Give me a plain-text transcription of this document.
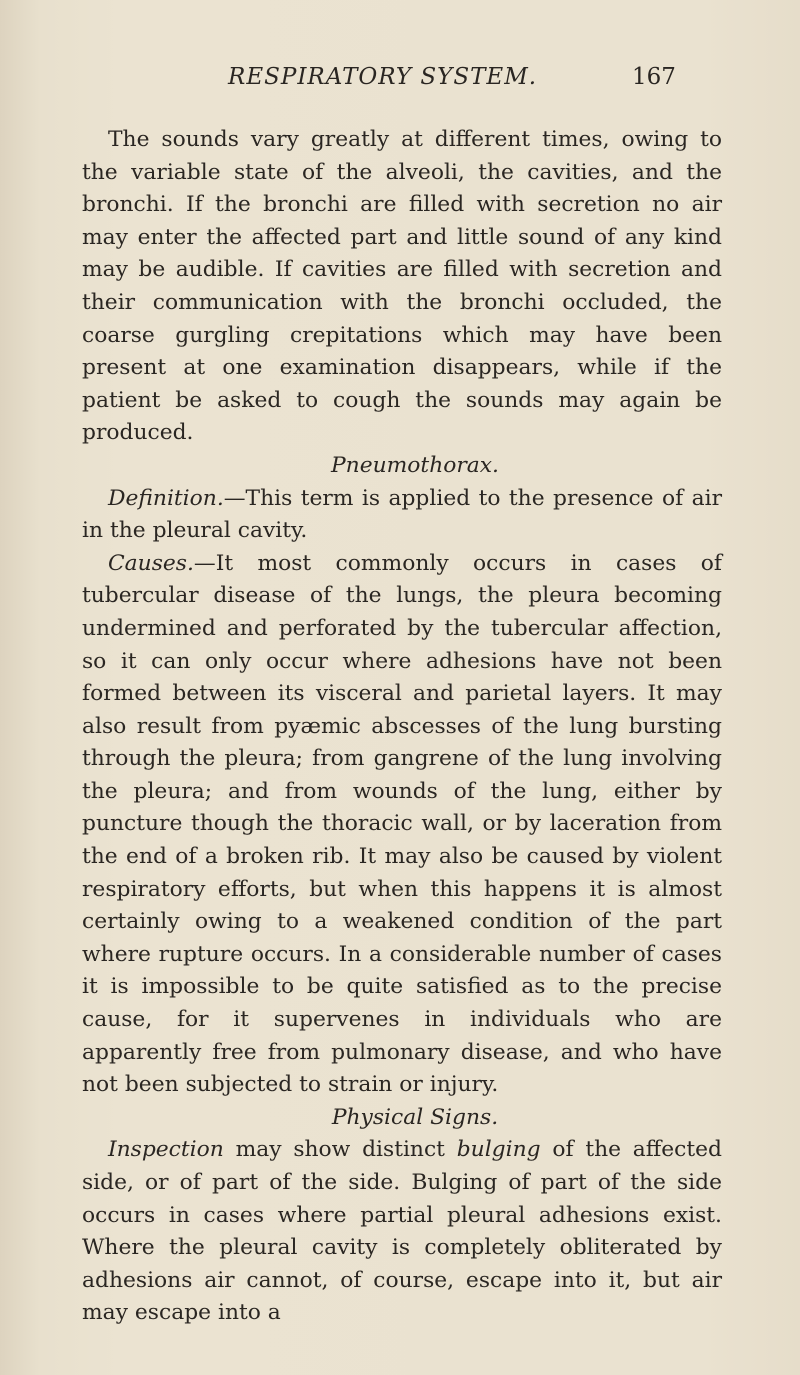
RESPIRATORY SYSTEM.	167

The sounds vary greatly at different times, owing to the variable state of the alveoli, the cavities, and the bronchi. If the bronchi are filled with secretion no air may enter the affected part and little sound of any kind may be audible. If cavities are filled with secretion and their communication with the bronchi occluded, the coarse gurgling crepitations which may have been present at one examination disappears, while if the patient be asked to cough the sounds may again be produced.

Pneumothorax.

Definition.—This term is applied to the presence of air in the pleural cavity.

Causes.—It most commonly occurs in cases of tubercular disease of the lungs, the pleura becoming undermined and perforated by the tubercular affection, so it can only occur where adhesions have not been formed between its visceral and parietal layers. It may also result from pyæmic abscesses of the lung bursting through the pleura; from gangrene of the lung involving the pleura; and from wounds of the lung, either by puncture though the thoracic wall, or by laceration from the end of a broken rib. It may also be caused by violent respiratory efforts, but when this happens it is almost certainly owing to a weakened condition of the part where rupture occurs. In a considerable number of cases it is impossible to be quite satisfied as to the precise cause, for it supervenes in individuals who are apparently free from pulmonary disease, and who have not been subjected to strain or injury.

Physical Signs.

Inspection may show distinct bulging of the affected side, or of part of the side. Bulging of part of the side occurs in cases where partial pleural adhesions exist. Where the pleural cavity is completely obliterated by adhesions air cannot, of course, escape into it, but air may escape into a
